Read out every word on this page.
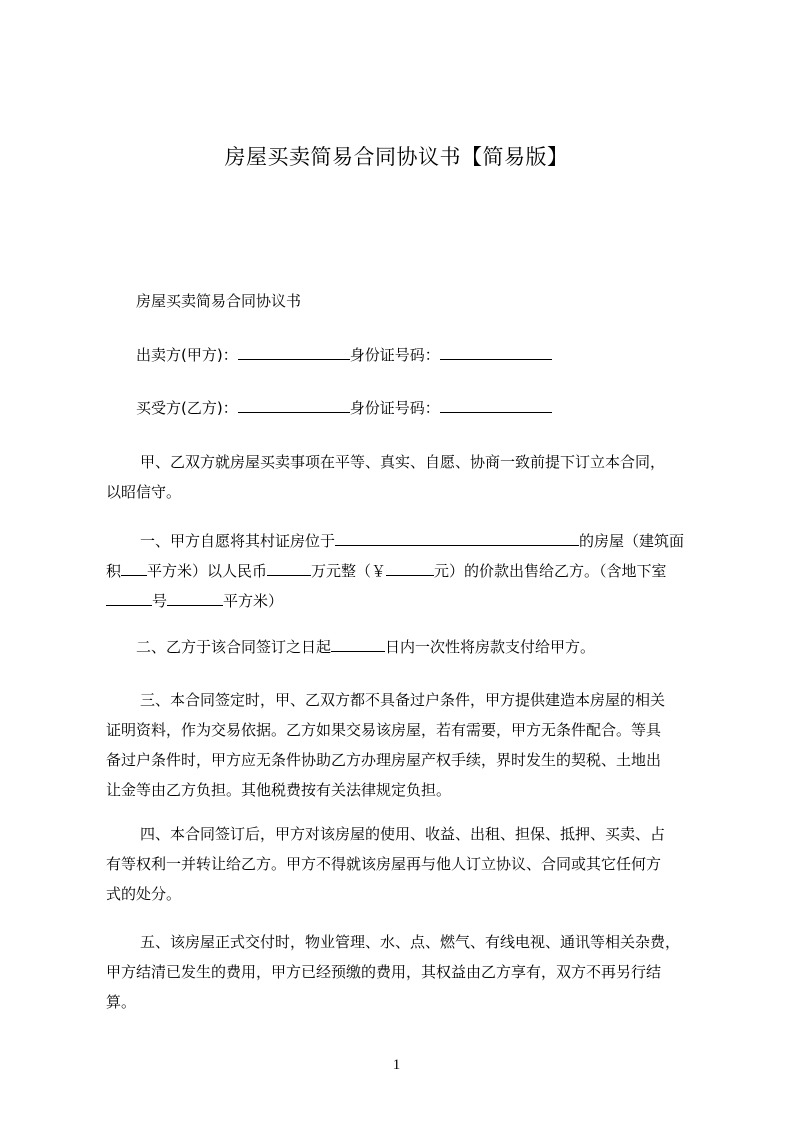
房屋买卖简易合同协议书【简易版】
房屋买卖简易合同协议书
出卖方(甲方)：	身份证号码：
买受方(乙方)：	身份证号码：

甲、乙双方就房屋买卖事项在平等、真实、自愿、协商一致前提下订立本合同，

以昭信守。

一、甲方自愿将其村证房位于	的房屋（建筑面

积 平方米）以人民币	万元整（￥	元）的价款出售给乙方。（含地下室

号	平方米）

二、乙方于该合同签订之日起	日内一次性将房款支付给甲方。

三、本合同签定时，甲、乙双方都不具备过户条件，甲方提供建造本房屋的相关

证明资料，作为交易依据。乙方如果交易该房屋，若有需要，甲方无条件配合。等具

备过户条件时，甲方应无条件协助乙方办理房屋产权手续，界时发生的契税、土地出

让金等由乙方负担。其他税费按有关法律规定负担。

四、本合同签订后，甲方对该房屋的使用、收益、出租、担保、抵押、买卖、占

有等权利一并转让给乙方。甲方不得就该房屋再与他人订立协议、合同或其它任何方

式的处分。

五、该房屋正式交付时，物业管理、水、点、燃气、有线电视、通讯等相关杂费，

甲方结清已发生的费用，甲方已经预缴的费用，其权益由乙方享有，双方不再另行结

算。

1
